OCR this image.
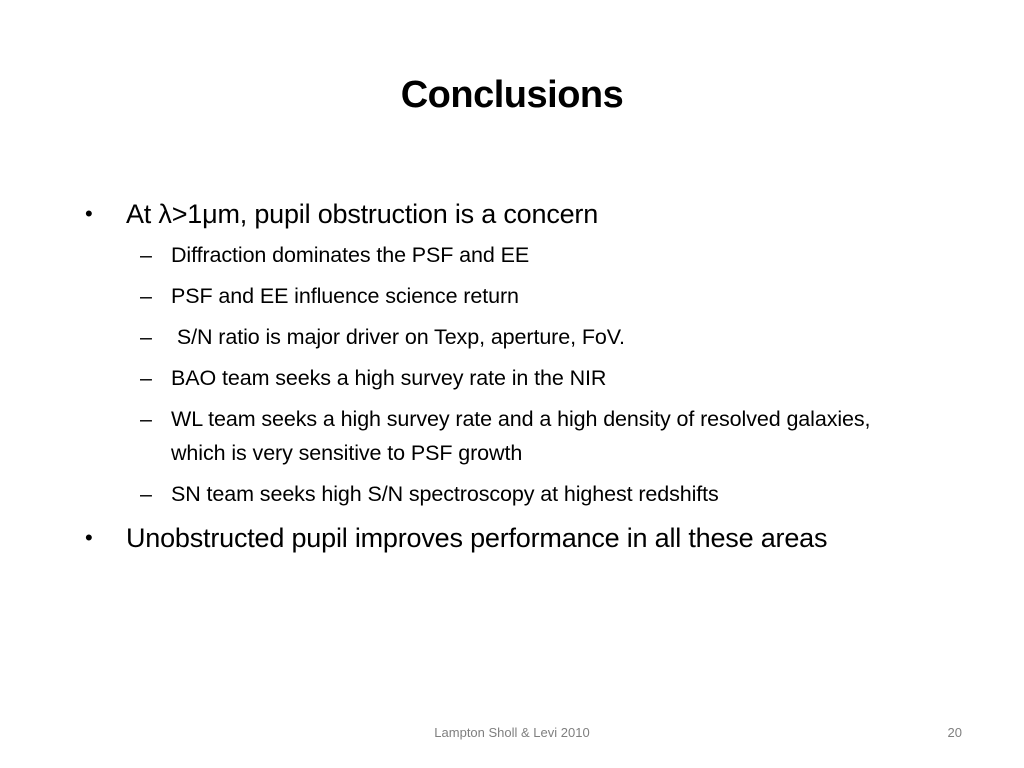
Conclusions
• At λ>1μm, pupil obstruction is a concern
– Diffraction dominates the PSF and EE
– PSF and EE influence science return
– S/N ratio is major driver on Texp, aperture, FoV.
– BAO team seeks a high survey rate in the NIR
– WL team seeks a high survey rate and a high density of resolved galaxies, which is very sensitive to PSF growth
– SN team seeks high S/N spectroscopy at highest redshifts
• Unobstructed pupil improves performance in all these areas
Lampton Sholl & Levi 2010	20
